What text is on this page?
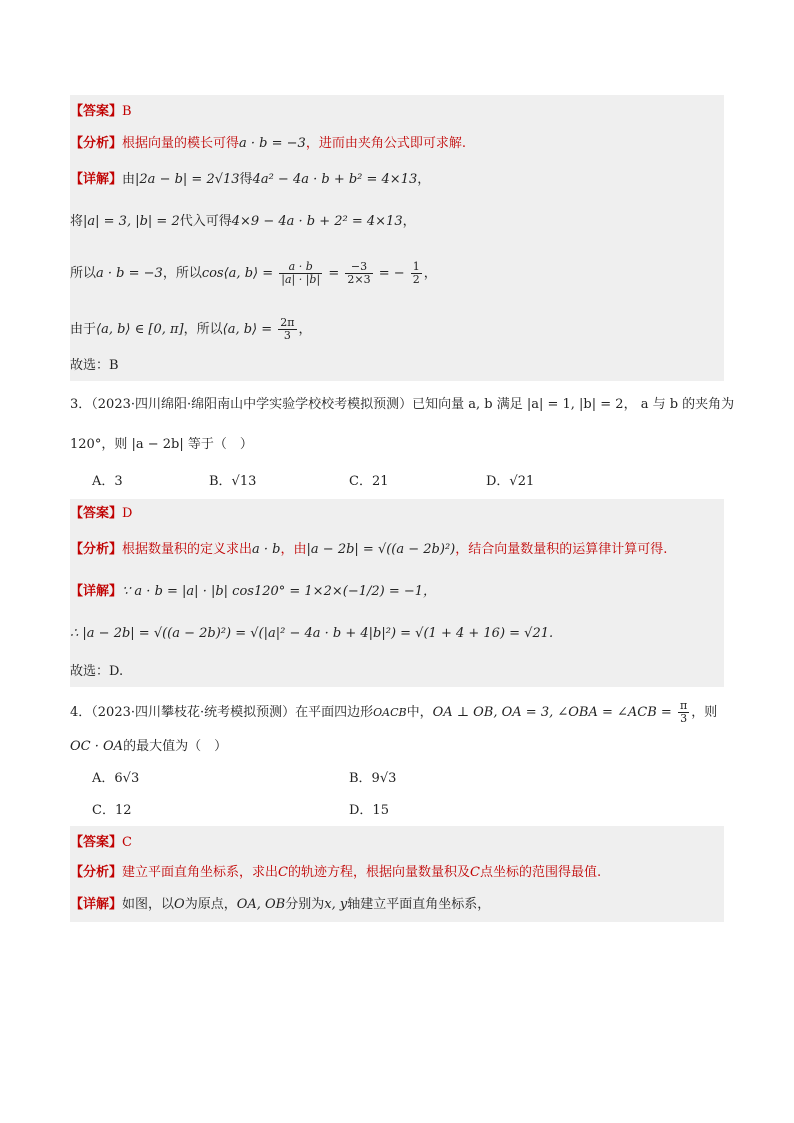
【答案】B
【分析】根据向量的模长可得a · b = −3，进而由夹角公式即可求解.
【详解】由|2a − b| = 2√13得4a² − 4a · b + b² = 4×13，
将|a| = 3, |b| = 2代入可得4×9 − 4a · b + 2² = 4×13，
所以a · b = −3，所以cos⟨a, b⟩ = $\frac{a \cdot b}{|a| \cdot |b|} = \frac{-3}{2\times 3}$ = − $\frac{1}{2}$ ，
由于⟨a, b⟩ ∈ [0, π]，所以⟨a, b⟩ = $\frac{2\pi}{3}$ ，
故选：B
3．（2023·四川绵阳·绵阳南山中学实验学校校考模拟预测）已知向量 a, b 满足 |a| = 1, |b| = 2， a 与 b 的夹角为
120°，则 |a − 2b| 等于（　）
A．3	B．√13	C．21	D．√21
【答案】D
【分析】根据数量积的定义求出a · b，由|a − 2b| = √((a − 2b)²)，结合向量数量积的运算律计算可得.
【详解】∵ a · b = |a| · |b| cos120° = 1×2×(−1/2) = −1，
∴ |a − 2b| = √((a − 2b)²) = √(|a|² − 4a · b + 4|b|²) = √(1 + 4 + 16) = √21.
故选：D.
4．（2023·四川攀枝花·统考模拟预测）在平面四边形OACB中，OA ⊥ OB, OA = 3, ∠OBA = ∠ACB = $\frac{\pi}{3}$ ，则
OC · OA的最大值为（　）
A．6√3	B．9√3
C．12	D．15
【答案】C
【分析】建立平面直角坐标系，求出C的轨迹方程，根据向量数量积及C点坐标的范围得最值.
【详解】如图，以O为原点，OA, OB分别为x, y轴建立平面直角坐标系，
